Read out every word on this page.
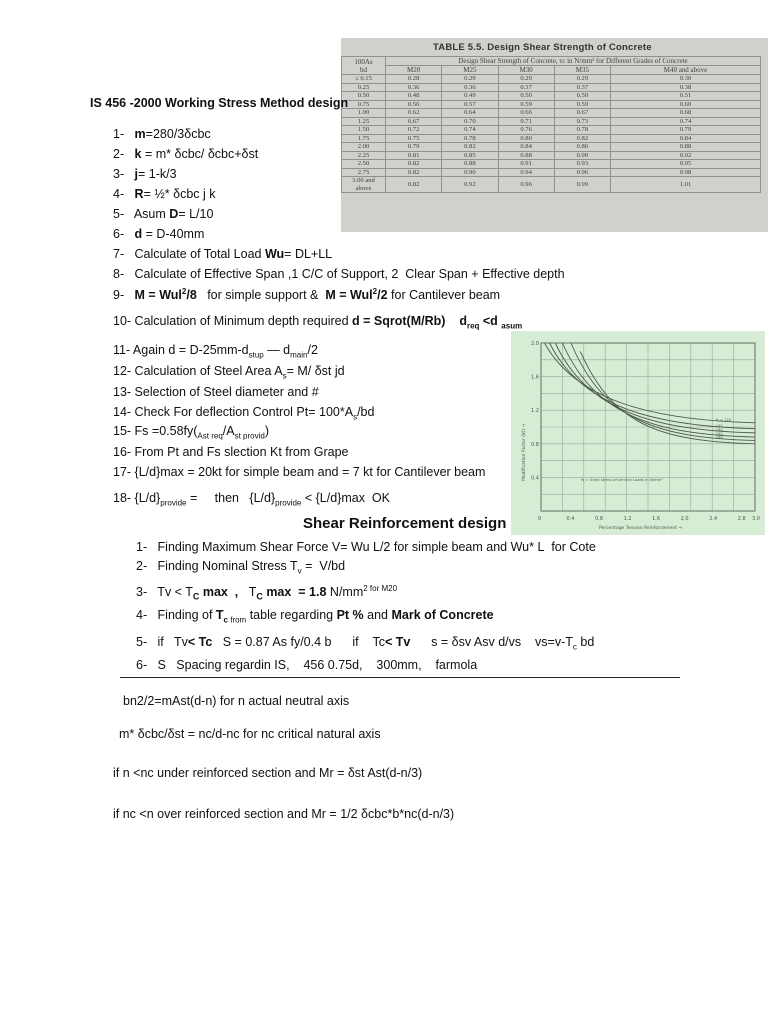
TABLE 5.5. Design Shear Strength of Concrete
100As
bd	Design Shear Strength of Concrete, τc in N/mm² for Different Grades of Concrete				
	M20	M25	M30	M35	M40 and above
≤ 0.15	0.28	0.29	0.29	0.29	0.30
0.25	0.36	0.36	0.37	0.37	0.38
0.50	0.48	0.49	0.50	0.50	0.51
0.75	0.56	0.57	0.59	0.59	0.60
1.00	0.62	0.64	0.66	0.67	0.68
1.25	0.67	0.70	0.71	0.73	0.74
1.50	0.72	0.74	0.76	0.78	0.79
1.75	0.75	0.78	0.80	0.82	0.84
2.00	0.79	0.82	0.84	0.86	0.88
2.25	0.81	0.85	0.88	0.90	0.92
2.50	0.82	0.88	0.91	0.93	0.95
2.75	0.82	0.90	0.94	0.96	0.98
3.00 and above	0.82	0.92	0.96	0.99	1.01
IS 456 -2000 Working Stress Method design
1-   m=280/3δcbc
2-   k = m* δcbc/ δcbc+δst
3-   j= 1-k/3
4-   R= ½* δcbc j k
5-   Asum D= L/10
6-   d = D-40mm
7-   Calculate of Total Load Wu= DL+LL
8-   Calculate of Effective Span ,1 C/C of Support, 2  Clear Span + Effective depth
9-   M = Wul$^2$/8   for simple support &  M = Wul$^2$/2 for Cantilever beam
10- Calculation of Minimum depth required d = Sqrot(M/Rb) $d_{req} <d$ $_{asum}$
11- Again $d = D-25mm-d_{stup}$ — $d_{main}/2$
12- Calculation of Steel Area $A_s= M/$ δst jd
13- Selection of Steel diameter and #
14- Check For deflection Control $Pt= 100*A_s/bd$
15- $Fs =0.58fy(_{Ast req}/A_{st provid})$
16- From Pt and Fs slection Kt from Grape
17- {L/d}max = 20kt for simple beam and = 7 kt for Cantilever beam
18- $\{L/d\}_{provide}$ =     then   $\{L/d\}_{provide} < \{L/d\}\max$  OK
2.0
1.6
1.2
0.8
0.4
0	0.4	0.8	1.2	1.6	2.0	2.4	2.8 3.0
Modification Factor (kt) →
Percentage Tension Reinforcement →
fs = Steel stress of service Loads in N/mm²
fs = 120
145
190
240
290
Shear Reinforcement design
1-   Finding Maximum Shear Force V= Wu L/2 for simple beam and Wu* L  for Cote
2-   Finding Nominal Stress $T_v = V/bd$
3-   $Tv < T_C$ max  ,   $T_C$ max  = 1.8 $N/mm^{2 for M20}$
4-   Finding of $T_{c from}$ table regarding Pt % and Mark of Concrete
5-   if   Tv< Tc   S = 0.87 As fy/0.4 b      if    Tc< Tv      s = δsv Asv d/vs    $vs=v-T_c$ bd
6-   S   Spacing regardin IS,    456 0.75d,    300mm,    farmola
bn2/2=mAst(d-n) for n actual neutral axis
m* δcbc/δst = nc/d-nc for nc critical natural axis
if n <nc under reinforced section and Mr = δst Ast(d-n/3)
if nc <n over reinforced section and Mr = 1/2 δcbc*b*nc(d-n/3)
